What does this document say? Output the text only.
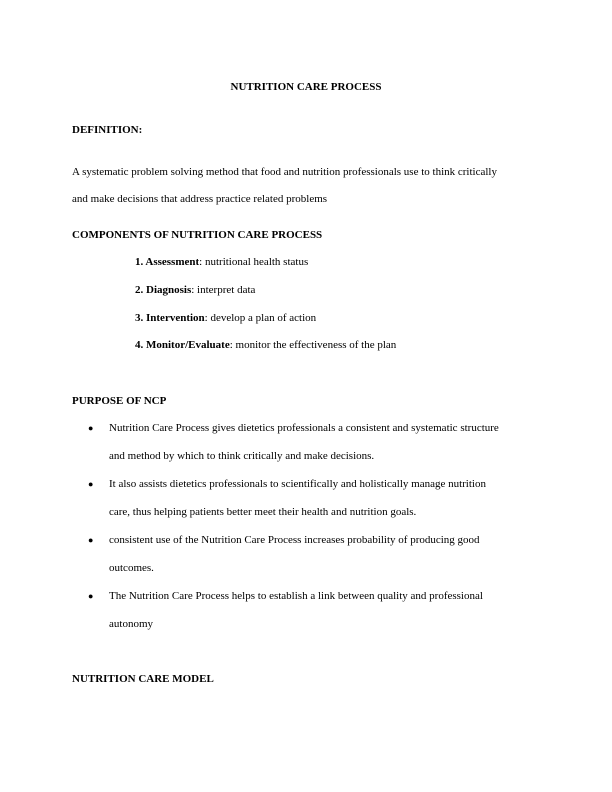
NUTRITION CARE PROCESS
DEFINITION:
A systematic problem solving method that food and nutrition professionals use to think critically
and make decisions that address practice related problems
COMPONENTS OF NUTRITION CARE PROCESS
1. Assessment: nutritional health status
2. Diagnosis: interpret data
3. Intervention: develop a plan of action
4. Monitor/Evaluate: monitor the effectiveness of the plan
PURPOSE OF NCP
● Nutrition Care Process gives dietetics professionals a consistent and systematic structure
and method by which to think critically and make decisions.
● It also assists dietetics professionals to scientifically and holistically manage nutrition
care, thus helping patients better meet their health and nutrition goals.
● consistent use of the Nutrition Care Process increases probability of producing good
outcomes.
● The Nutrition Care Process helps to establish a link between quality and professional
autonomy
NUTRITION CARE MODEL
